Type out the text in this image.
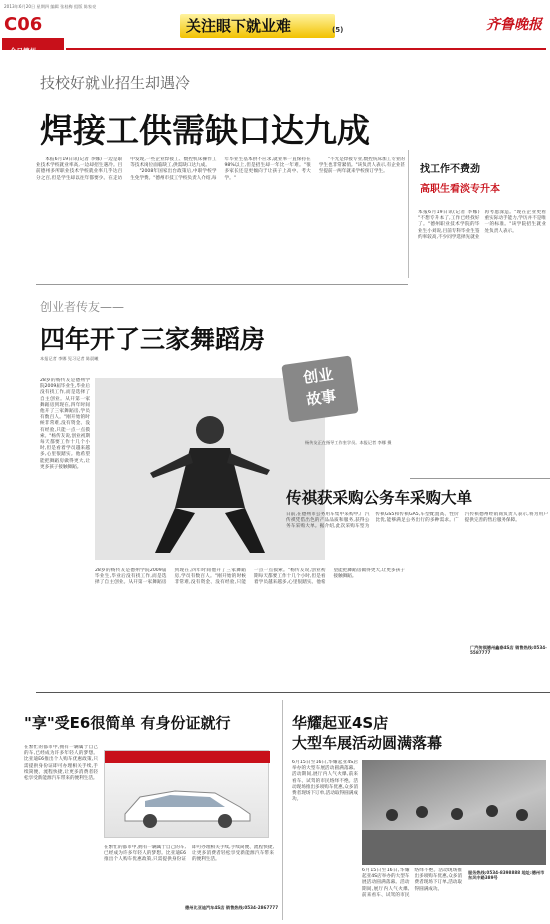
2013年6月20日 星期四 编辑 张桂梅 组版 陈家亮
C06
今日德州
关注眼下就业难	(5)	齐鲁晚报
技校好就业招生却遇冷
焊接工供需缺口达九成

本报6月19日讯(记者 李娜) 一边是职业技术学校就业率高,一边却招生遇冷。目前德州多所职业技术学校就业率几乎达百分之百,但是学生却以往年都要少。在走访中发现,一些企业焊接工、数控机床操作工等技术岗位面临缺工,供需缺口达九成。

"2008年国家出台政策后,中职学校学生免学费。"德州市技工学校负责人介绍,每年毕业生基本供不应求,就业率一直保持在98%以上,但是招生却一年比一年难。"很多家长还是更倾向于让孩子上高中、考大学。"

"不光是焊接专业,数控铣床加工专业的学生也非常紧俏。"该负责人表示,有企业甚至提前一两年就来学校预订学生。	找工作不费劲
高职生看淡专升本
本报6月19日讯(记者 李娜) "不想专升本了,工作已经找好了。"德州职业技术学院的毕业生小刘说,目前专科毕业生签约率较高,不少同学选择先就业再考虑深造。"现在企业更看重实际动手能力,学历并不是唯一的标准。"该学院招生就业处负责人表示。
创业者传友——
四年开了三家舞蹈房
本报记者 李娜 见习记者 陈晨曦
28岁的杨传友是德州学院2009届毕业生,毕业后没有找工作,而是选择了自主创业。从开第一家舞蹈房到现在,四年时间他开了三家舞蹈房,学员有数百人。"刚开始的时候非常难,没有资金、没有经验,只能一点一点摸索。"杨传友说,创业初期每天都要工作十几个小时,但是看着学员越来越多,心里很踏实。他希望能把舞蹈房做得更大,让更多孩子接触舞蹈。
创业
故事
杨传友正在指导工作室学员。本报记者 李娜 摄
28岁的杨传友是德州学院2009届毕业生,毕业后没有找工作,而是选择了自主创业。从开第一家舞蹈房到现在,四年时间他开了三家舞蹈房,学员有数百人。"刚开始的时候非常难,没有资金、没有经验,只能一点一点摸索。"杨传友说,创业初期每天都要工作十几个小时,但是看着学员越来越多,心里很踏实。他希望能把舞蹈房做得更大,让更多孩子接触舞蹈。
传祺获采购公务车采购大单
日前,在德州市公务用车集中采购中,广汽传祺凭借出色的产品品质和服务,获得公务车采购大单。据介绍,此次采购车型为传祺GS5和传祺GA5,车型配置高、性价比优,能够满足公务出行的多种需求。广汽传祺德州经销商负责人表示,将为用户提供完善的售后服务保障。
广汽传祺德州鑫泰4S店 销售热线:0534-5587777
"享"受E6很简单 有身份证就行
在繁忙的都市中,拥有一辆属于自己的车,已经成为许多年轻人的梦想。比亚迪E6推出个人购车优惠政策,只需提供身份证即可办理相关手续,手续简便、流程快捷,让更多消费者轻松享受新能源汽车带来的便利生活。
在繁忙的都市中,拥有一辆属于自己的车,已经成为许多年轻人的梦想。比亚迪E6推出个人购车优惠政策,只需提供身份证即可办理相关手续,手续简便、流程快捷,让更多消费者轻松享受新能源汽车带来的便利生活。
德州比亚迪汽车4S店 销售热线:0534-2867777
华耀起亚4S店
大型车展活动圆满落幕
6月15日至16日,华耀起亚4S店举办的大型车展活动圆满落幕。活动期间,展厅内人气火爆,前来看车、试驾的市民络绎不绝。活动现场推出多项购车优惠,众多消费者现场下订单,活动取得圆满成功。
6月15日至16日,华耀起亚4S店举办的大型车展活动圆满落幕。活动期间,展厅内人气火爆,前来看车、试驾的市民络绎不绝。活动现场推出多项购车优惠,众多消费者现场下订单,活动取得圆满成功。
服务热线:0534-8398888 地址:德州市东风中路389号
